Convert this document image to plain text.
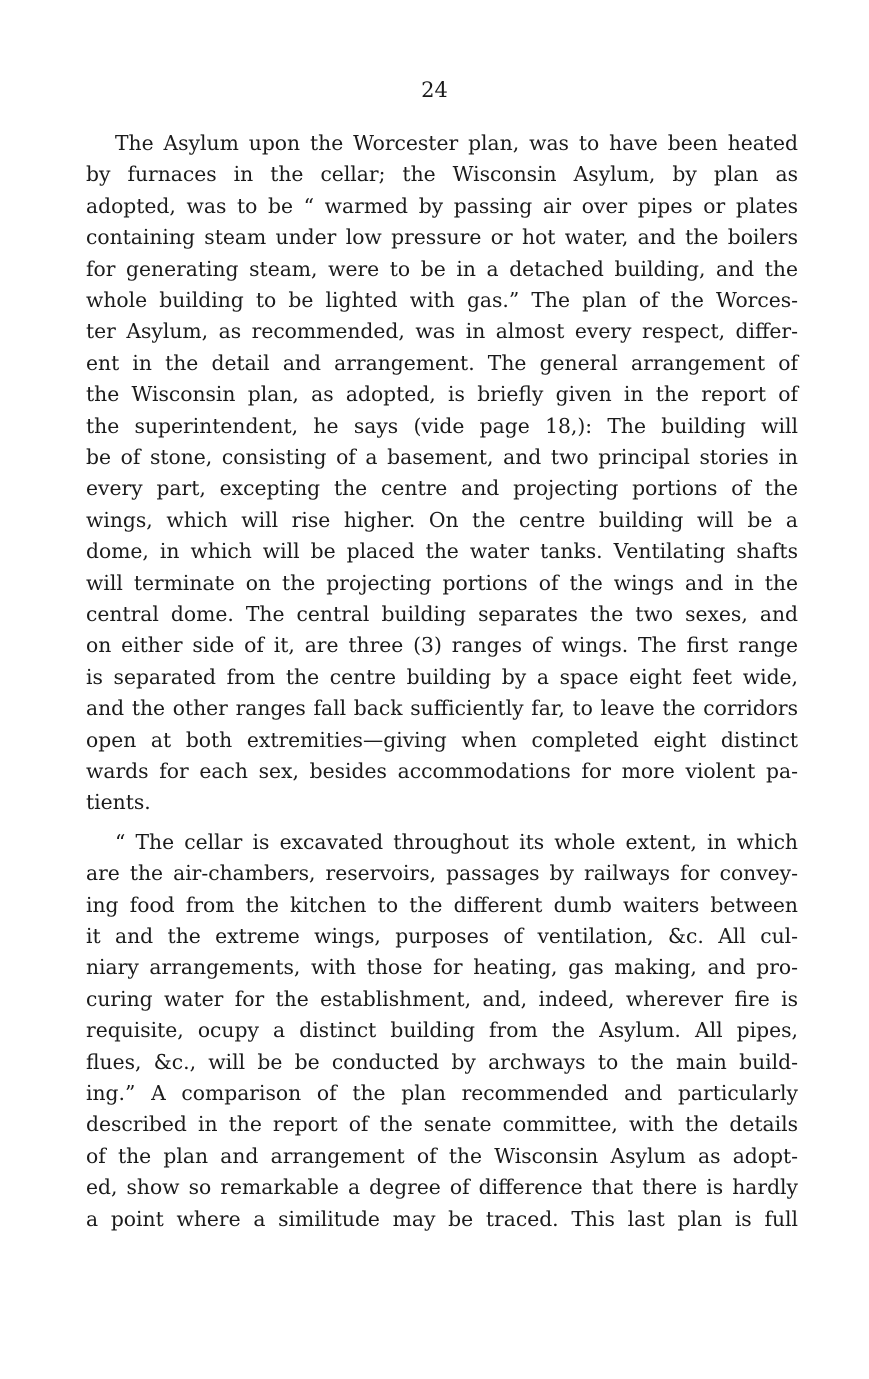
24
The Asylum upon the Worcester plan, was to have been heated
by furnaces in the cellar; the Wisconsin Asylum, by plan as
adopted, was to be “ warmed by passing air over pipes or plates
containing steam under low pressure or hot water, and the boilers
for generating steam, were to be in a detached building, and the
whole building to be lighted with gas.” The plan of the Worces-
ter Asylum, as recommended, was in almost every respect, differ-
ent in the detail and arrangement. The general arrangement of
the Wisconsin plan, as adopted, is briefly given in the report of
the superintendent, he says (vide page 18,): The building will
be of stone, consisting of a basement, and two principal stories in
every part, excepting the centre and projecting portions of the
wings, which will rise higher. On the centre building will be a
dome, in which will be placed the water tanks. Ventilating shafts
will terminate on the projecting portions of the wings and in the
central dome. The central building separates the two sexes, and
on either side of it, are three (3) ranges of wings. The first range
is separated from the centre building by a space eight feet wide,
and the other ranges fall back sufficiently far, to leave the corridors
open at both extremities—giving when completed eight distinct
wards for each sex, besides accommodations for more violent pa-
tients.
“ The cellar is excavated throughout its whole extent, in which
are the air-chambers, reservoirs, passages by railways for convey-
ing food from the kitchen to the different dumb waiters between
it and the extreme wings, purposes of ventilation, &c. All cul-
niary arrangements, with those for heating, gas making, and pro-
curing water for the establishment, and, indeed, wherever fire is
requisite, ocupy a distinct building from the Asylum. All pipes,
flues, &c., will be be conducted by archways to the main build-
ing.” A comparison of the plan recommended and particularly
described in the report of the senate committee, with the details
of the plan and arrangement of the Wisconsin Asylum as adopt-
ed, show so remarkable a degree of difference that there is hardly
a point where a similitude may be traced. This last plan is full
